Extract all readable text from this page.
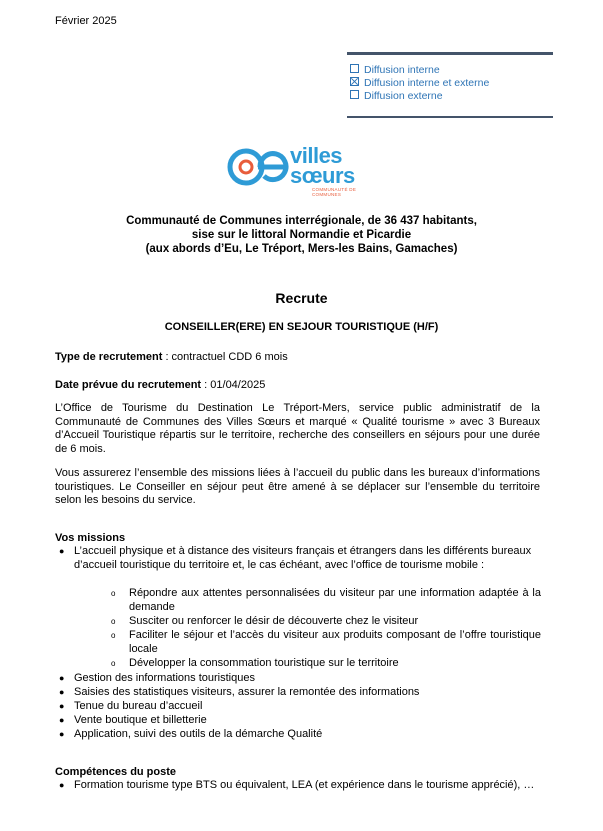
Février 2025
Diffusion interne
Diffusion interne et externe
Diffusion externe
villes
sœurs
COMMUNAUTÉ DE COMMUNES
Communauté de Communes interrégionale, de 36 437 habitants,
sise sur le littoral Normandie et Picardie
(aux abords d’Eu, Le Tréport, Mers-les Bains, Gamaches)
Recrute
CONSEILLER(ERE) EN SEJOUR TOURISTIQUE (H/F)
Type de recrutement : contractuel CDD 6 mois
Date prévue du recrutement : 01/04/2025
L’Office de Tourisme du Destination Le Tréport-Mers, service public administratif de la Communauté de Communes des Villes Sœurs et marqué « Qualité tourisme » avec 3 Bureaux d’Accueil Touristique répartis sur le territoire, recherche des conseillers en séjours pour une durée de 6 mois.
Vous assurerez l’ensemble des missions liées à l’accueil du public dans les bureaux d’informations touristiques. Le Conseiller en séjour peut être amené à se déplacer sur l’ensemble du territoire selon les besoins du service.
Vos missions
● L’accueil physique et à distance des visiteurs français et étrangers dans les différents bureaux d’accueil touristique du territoire et, le cas échéant, avec l’office de tourisme mobile :
o Répondre aux attentes personnalisées du visiteur par une information adaptée à la demande
o Susciter ou renforcer le désir de découverte chez le visiteur
o Faciliter le séjour et l’accès du visiteur aux produits composant de l’offre touristique locale
o Développer la consommation touristique sur le territoire
● Gestion des informations touristiques
● Saisies des statistiques visiteurs, assurer la remontée des informations
● Tenue du bureau d’accueil
● Vente boutique et billetterie
● Application, suivi des outils de la démarche Qualité
Compétences du poste
● Formation tourisme type BTS ou équivalent, LEA (et expérience dans le tourisme apprécié), …
